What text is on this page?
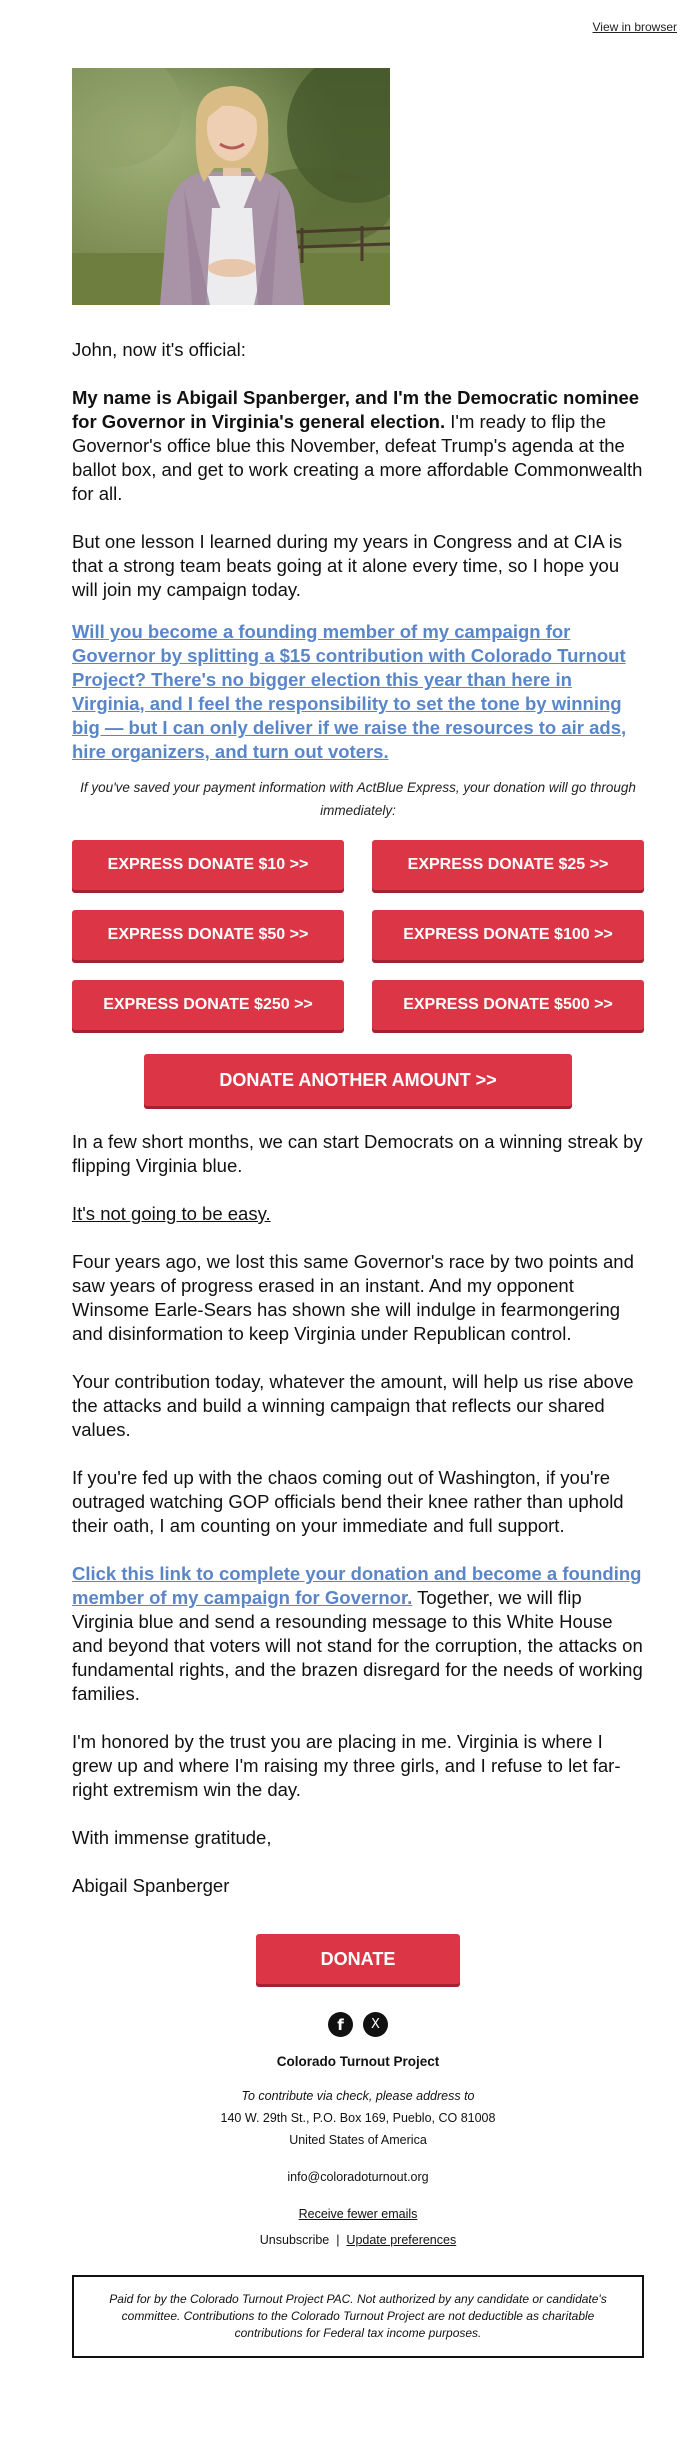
View in browser

John, now it's official:

My name is Abigail Spanberger, and I'm the Democratic nominee for Governor in Virginia's general election. I'm ready to flip the Governor's office blue this November, defeat Trump's agenda at the ballot box, and get to work creating a more affordable Commonwealth for all.

But one lesson I learned during my years in Congress and at CIA is that a strong team beats going at it alone every time, so I hope you will join my campaign today.

Will you become a founding member of my campaign for Governor by splitting a $15 contribution with Colorado Turnout Project? There's no bigger election this year than here in Virginia, and I feel the responsibility to set the tone by winning big — but I can only deliver if we raise the resources to air ads, hire organizers, and turn out voters.

If you've saved your payment information with ActBlue Express, your donation will go through immediately:
EXPRESS DONATE $10 >>	EXPRESS DONATE $25 >>
EXPRESS DONATE $50 >>	EXPRESS DONATE $100 >>
EXPRESS DONATE $250 >>	EXPRESS DONATE $500 >>
DONATE ANOTHER AMOUNT >>

In a few short months, we can start Democrats on a winning streak by flipping Virginia blue.

It's not going to be easy.

Four years ago, we lost this same Governor's race by two points and saw years of progress erased in an instant. And my opponent Winsome Earle-Sears has shown she will indulge in fearmongering and disinformation to keep Virginia under Republican control.

Your contribution today, whatever the amount, will help us rise above the attacks and build a winning campaign that reflects our shared values.

If you're fed up with the chaos coming out of Washington, if you're outraged watching GOP officials bend their knee rather than uphold their oath, I am counting on your immediate and full support.

Click this link to complete your donation and become a founding member of my campaign for Governor. Together, we will flip Virginia blue and send a resounding message to this White House and beyond that voters will not stand for the corruption, the attacks on fundamental rights, and the brazen disregard for the needs of working families.

I'm honored by the trust you are placing in me. Virginia is where I grew up and where I'm raising my three girls, and I refuse to let far-right extremism win the day.

With immense gratitude,

Abigail Spanberger

DONATE
f X
Colorado Turnout Project
To contribute via check, please address to
140 W. 29th St., P.O. Box 169, Pueblo, CO 81008
United States of America
info@coloradoturnout.org
Receive fewer emails
Unsubscribe | Update preferences
Paid for by the Colorado Turnout Project PAC. Not authorized by any candidate or candidate's committee. Contributions to the Colorado Turnout Project are not deductible as charitable contributions for Federal tax income purposes.
